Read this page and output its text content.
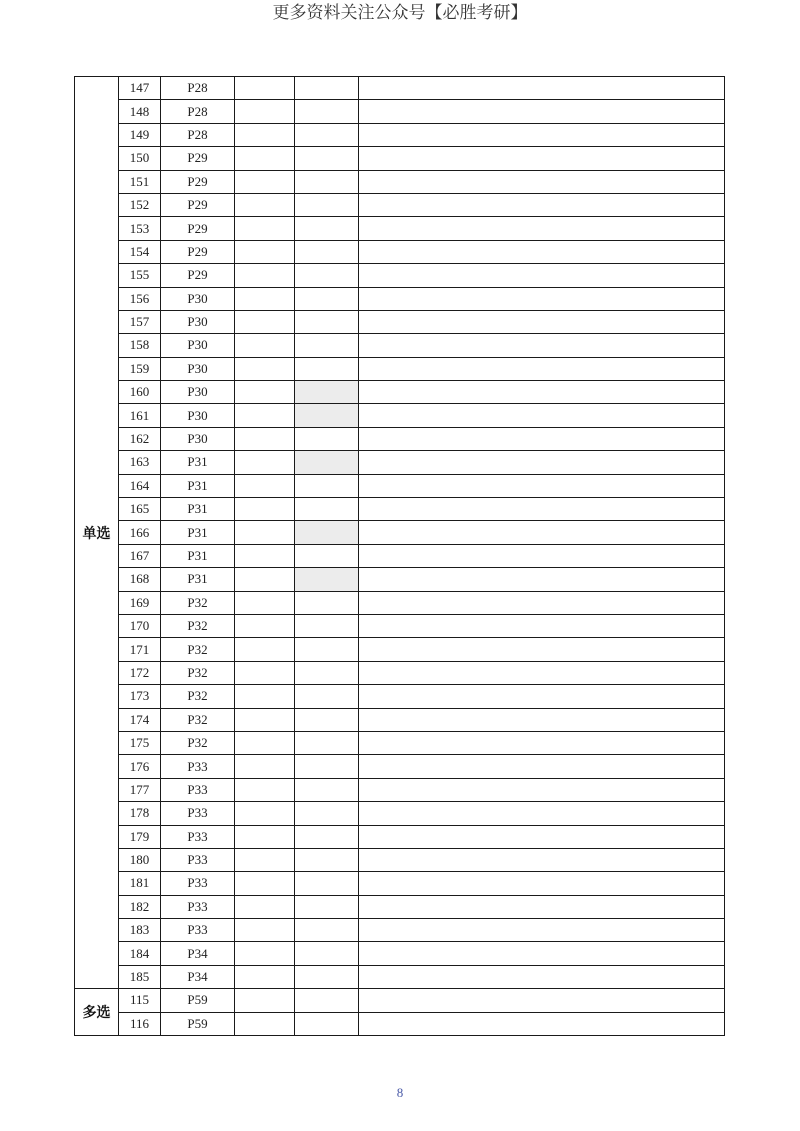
更多资料关注公众号【必胜考研】
单选	147	P28			
	148	P28			
	149	P28			
	150	P29			
	151	P29			
	152	P29			
	153	P29			
	154	P29			
	155	P29			
	156	P30			
	157	P30			
	158	P30			
	159	P30			
	160	P30			
	161	P30			
	162	P30			
	163	P31			
	164	P31			
	165	P31			
	166	P31			
	167	P31			
	168	P31			
	169	P32			
	170	P32			
	171	P32			
	172	P32			
	173	P32			
	174	P32			
	175	P32			
	176	P33			
	177	P33			
	178	P33			
	179	P33			
	180	P33			
	181	P33			
	182	P33			
	183	P33			
	184	P34			
	185	P34			
多选	115	P59			
	116	P59			
8
